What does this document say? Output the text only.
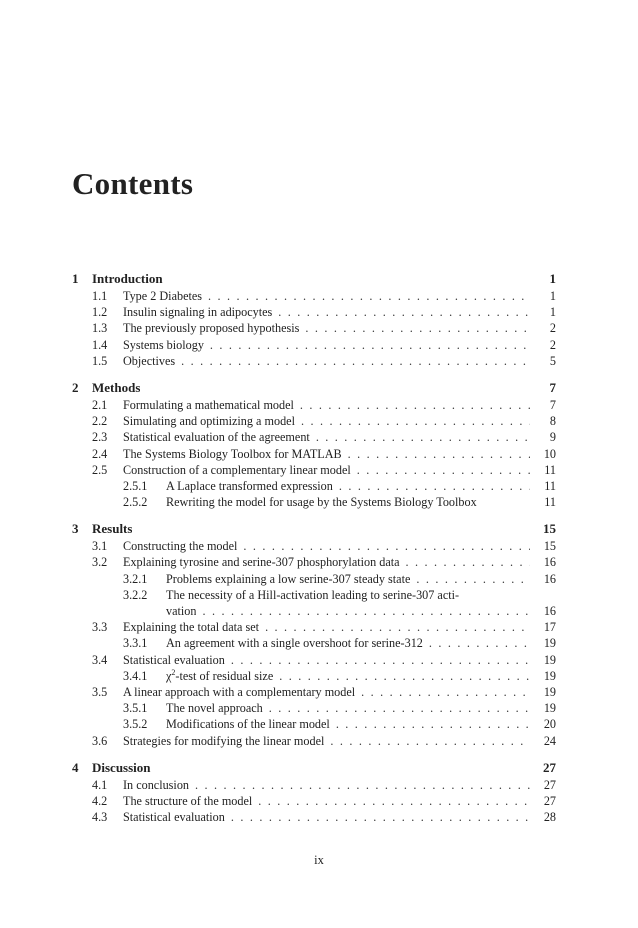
Contents
1	Introduction	1
1.1	Type 2 Diabetes . . .	1
1.2	Insulin signaling in adipocytes . . .	1
1.3	The previously proposed hypothesis . . .	2
1.4	Systems biology . . .	2
1.5	Objectives . . .	5
2	Methods	7
2.1	Formulating a mathematical model . . .	7
2.2	Simulating and optimizing a model . . .	8
2.3	Statistical evaluation of the agreement . . .	9
2.4	The Systems Biology Toolbox for MATLAB . . .	10
2.5	Construction of a complementary linear model . . .	11
2.5.1	A Laplace transformed expression . . .	11
2.5.2	Rewriting the model for usage by the Systems Biology Toolbox	11
3	Results	15
3.1	Constructing the model . . .	15
3.2	Explaining tyrosine and serine-307 phosphorylation data . . .	16
3.2.1	Problems explaining a low serine-307 steady state . . .	16
3.2.2	The necessity of a Hill-activation leading to serine-307 acti-
vation . . .	16
3.3	Explaining the total data set . . .	17
3.3.1	An agreement with a single overshoot for serine-312 . . .	19
3.4	Statistical evaluation . . .	19
3.4.1	$\chi^2$-test of residual size . . .	19
3.5	A linear approach with a complementary model . . .	19
3.5.1	The novel approach . . .	19
3.5.2	Modifications of the linear model . . .	20
3.6	Strategies for modifying the linear model . . .	24
4	Discussion	27
4.1	In conclusion . . .	27
4.2	The structure of the model . . .	27
4.3	Statistical evaluation . . .	28
ix
